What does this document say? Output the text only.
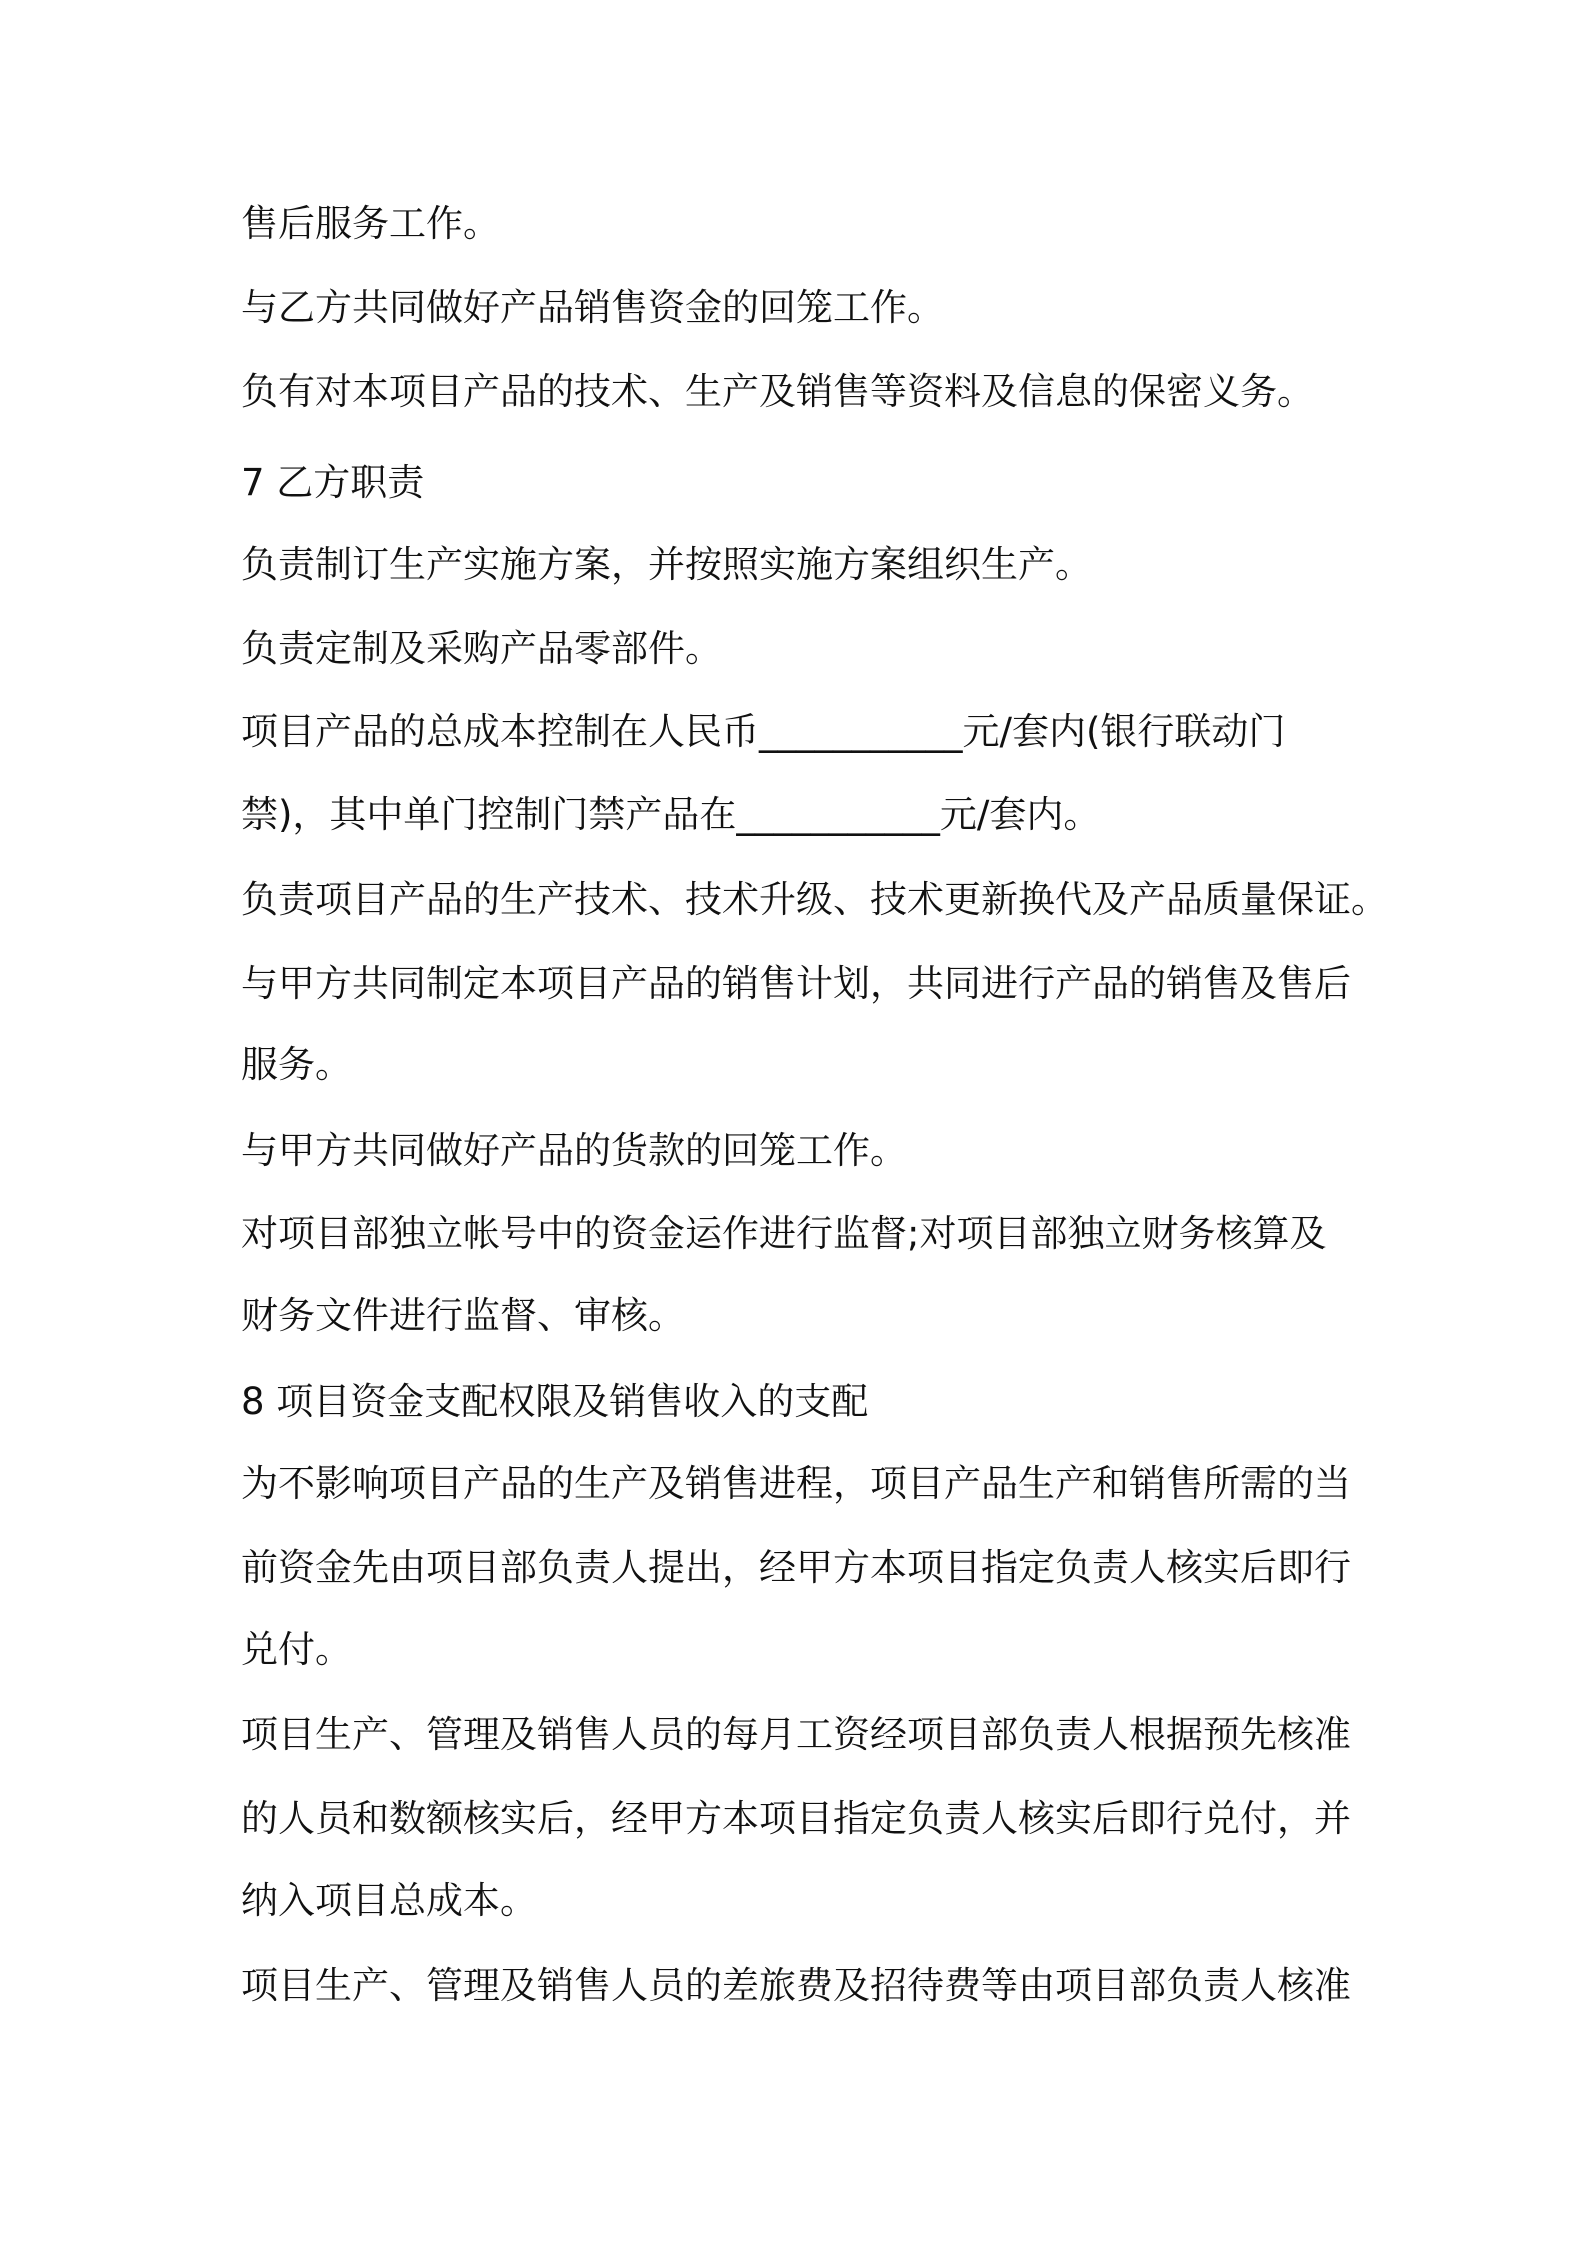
售后服务工作。
与乙方共同做好产品销售资金的回笼工作。
负有对本项目产品的技术、生产及销售等资料及信息的保密义务。
7 乙方职责
负责制订生产实施方案，并按照实施方案组织生产。
负责定制及采购产品零部件。
项目产品的总成本控制在人民币___________元/套内(银行联动门
禁)，其中单门控制门禁产品在___________元/套内。
负责项目产品的生产技术、技术升级、技术更新换代及产品质量保证。
与甲方共同制定本项目产品的销售计划，共同进行产品的销售及售后
服务。
与甲方共同做好产品的货款的回笼工作。
对项目部独立帐号中的资金运作进行监督;对项目部独立财务核算及
财务文件进行监督、审核。
8 项目资金支配权限及销售收入的支配
为不影响项目产品的生产及销售进程，项目产品生产和销售所需的当
前资金先由项目部负责人提出，经甲方本项目指定负责人核实后即行
兑付。
项目生产、管理及销售人员的每月工资经项目部负责人根据预先核准
的人员和数额核实后，经甲方本项目指定负责人核实后即行兑付，并
纳入项目总成本。
项目生产、管理及销售人员的差旅费及招待费等由项目部负责人核准
